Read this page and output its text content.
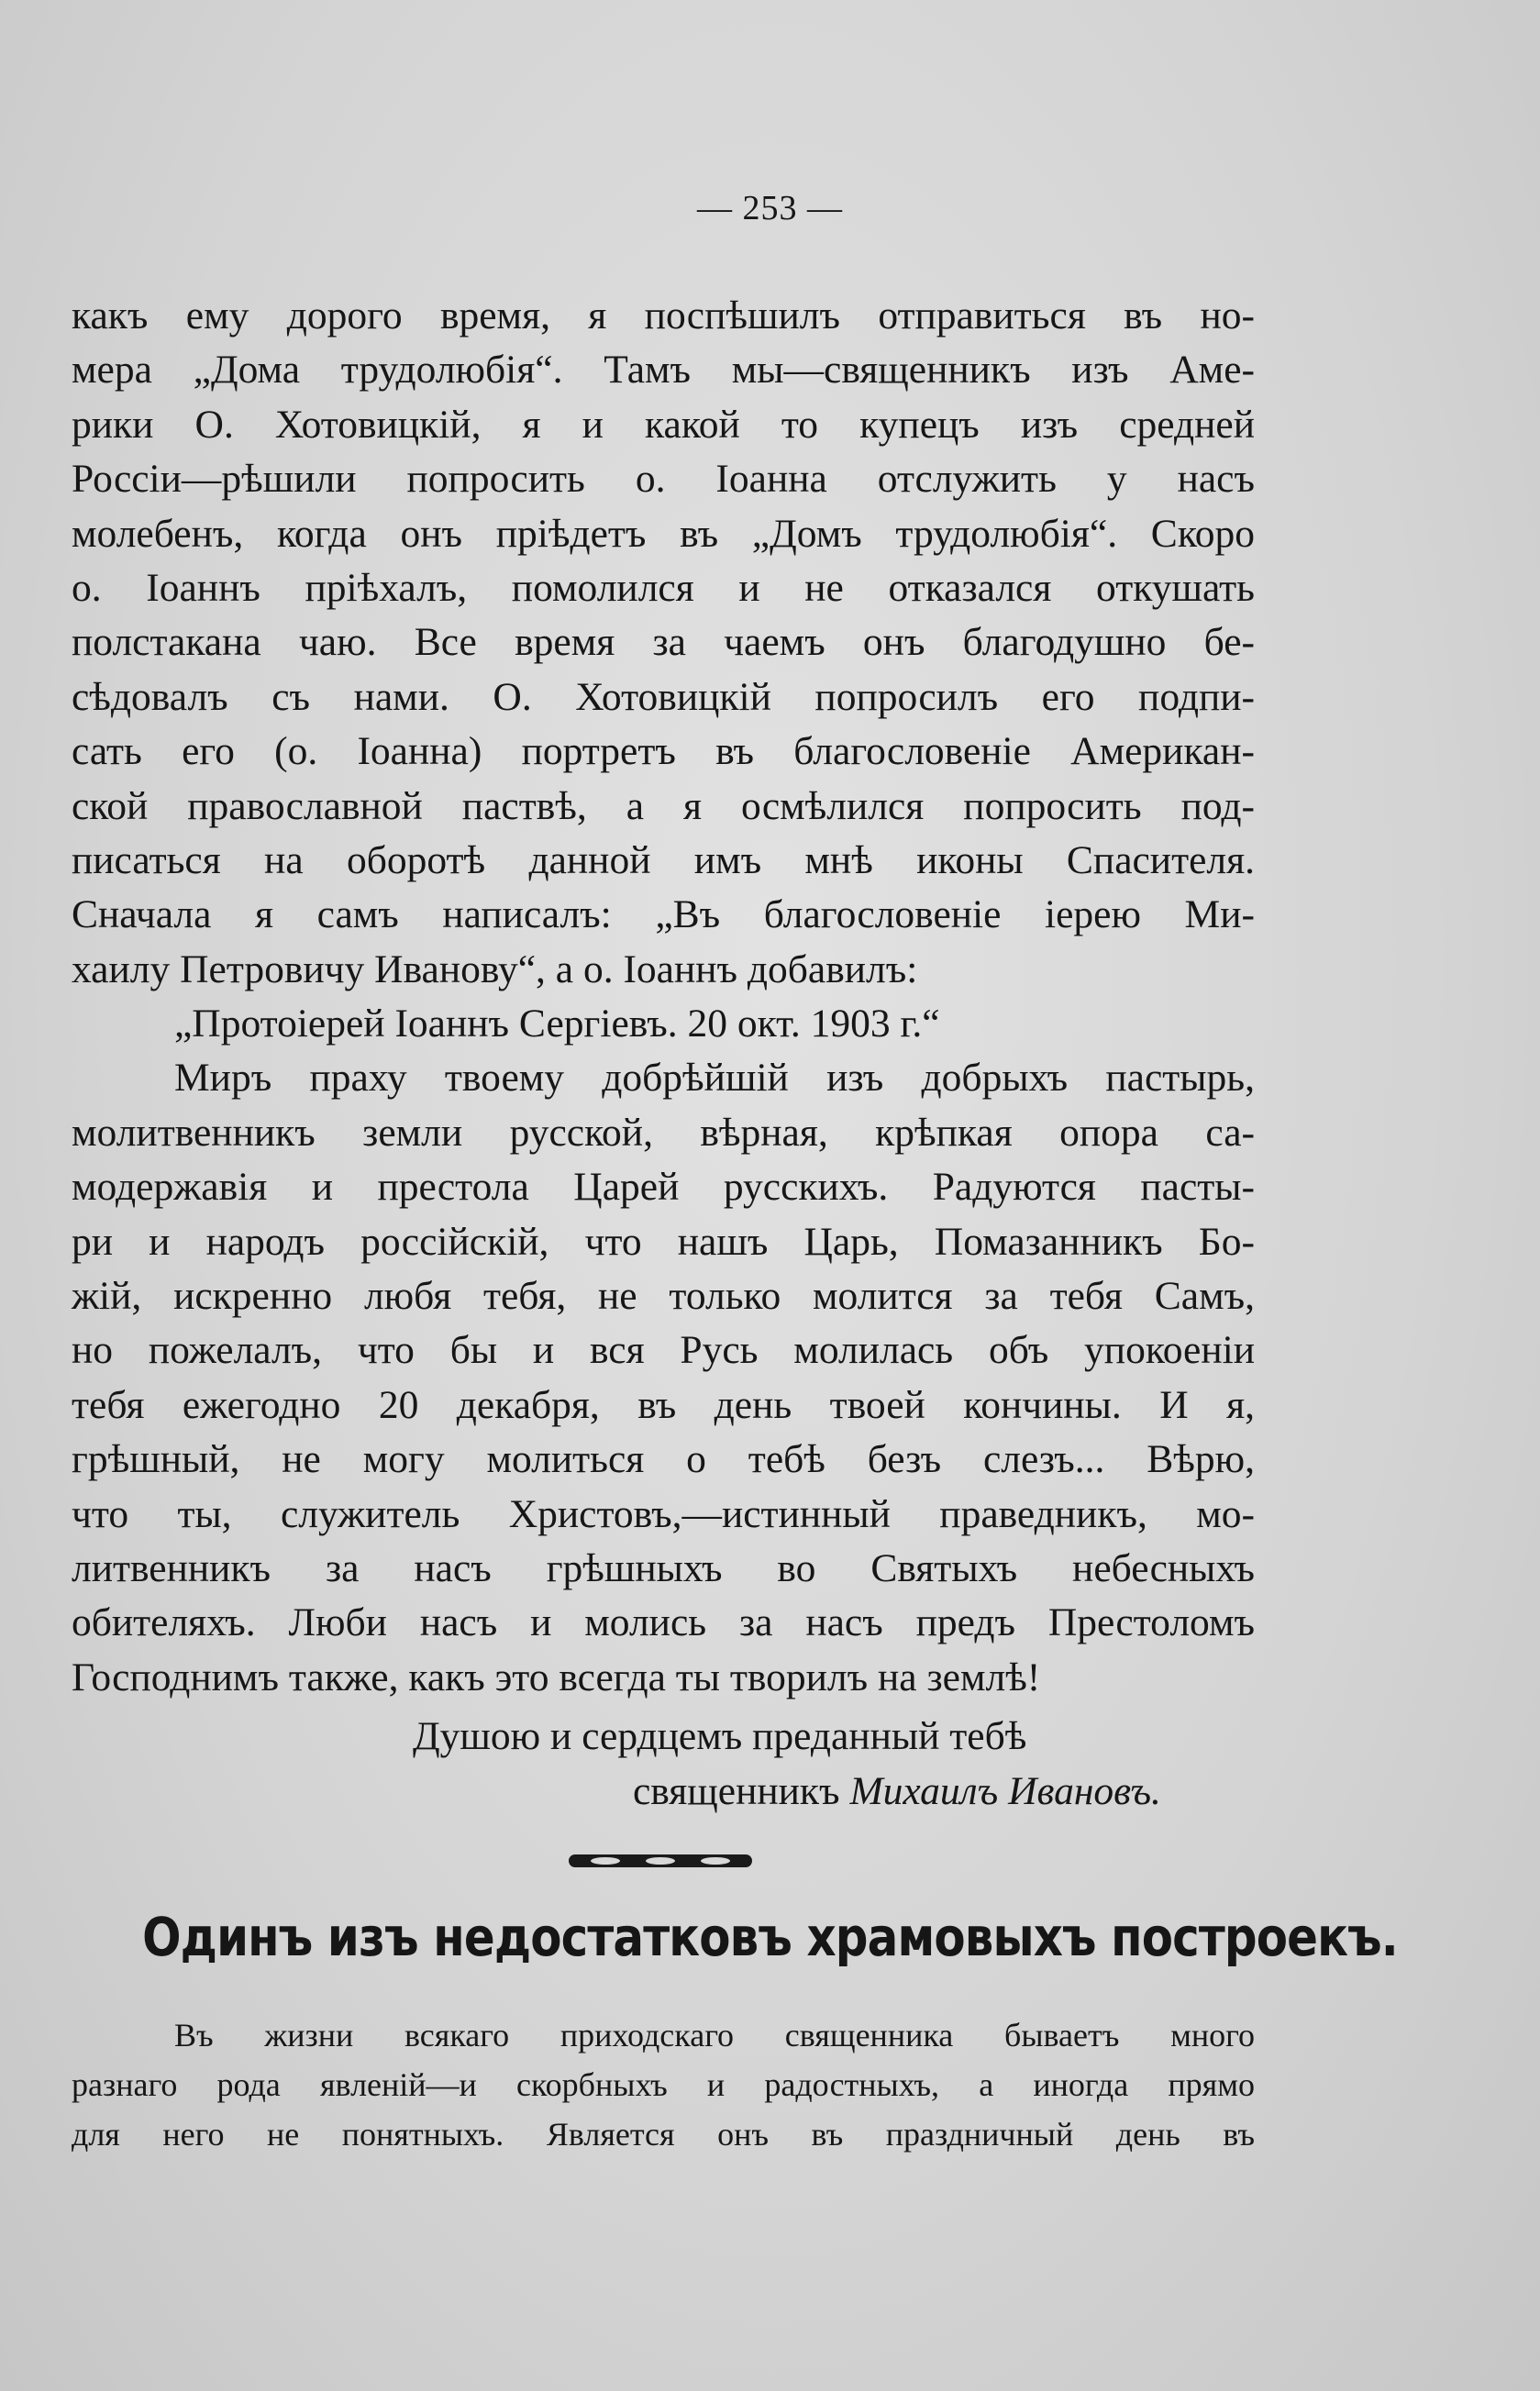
— 253 —
какъ ему дорого время, я поспѣшилъ отправиться въ но-
мера „Дома трудолюбія“. Тамъ мы—священникъ изъ Аме-
рики О. Хотовицкій, я и какой то купецъ изъ средней
Россіи—рѣшили попросить о. Іоанна отслужить у насъ
молебенъ, когда онъ пріѣдетъ въ „Домъ трудолюбія“. Скоро
о. Іоаннъ пріѣхалъ, помолился и не отказался откушать
полстакана чаю. Все время за чаемъ онъ благодушно бе-
сѣдовалъ съ нами. О. Хотовицкій попросилъ его подпи-
сать его (о. Іоанна) портретъ въ благословеніе Американ-
ской православной паствѣ, а я осмѣлился попросить под-
писаться на оборотѣ данной имъ мнѣ иконы Спасителя.
Сначала я самъ написалъ: „Въ благословеніе іерею Ми-
хаилу Петровичу Иванову“, а о. Іоаннъ добавилъ:
„Протоіерей Іоаннъ Сергіевъ. 20 окт. 1903 г.“
Миръ праху твоему добрѣйшій изъ добрыхъ пастырь,
молитвенникъ земли русской, вѣрная, крѣпкая опора са-
модержавія и престола Царей русскихъ. Радуются пасты-
ри и народъ россійскій, что нашъ Царь, Помазанникъ Бо-
жій, искренно любя тебя, не только молится за тебя Самъ,
но пожелалъ, что бы и вся Русь молилась объ упокоеніи
тебя ежегодно 20 декабря, въ день твоей кончины. И я,
грѣшный, не могу молиться о тебѣ безъ слезъ... Вѣрю,
что ты, служитель Христовъ,—истинный праведникъ, мо-
литвенникъ за насъ грѣшныхъ во Святыхъ небесныхъ
обителяхъ. Люби насъ и молись за насъ предъ Престоломъ
Господнимъ также, какъ это всегда ты творилъ на землѣ!
Душою и сердцемъ преданный тебѣ
священникъ Михаилъ Ивановъ.
Одинъ изъ недостатковъ храмовыхъ построекъ.
Въ жизни всякаго приходскаго священника бываетъ много
разнаго рода явленій—и скорбныхъ и радостныхъ, а иногда прямо
для него не понятныхъ. Является онъ въ праздничный день въ
